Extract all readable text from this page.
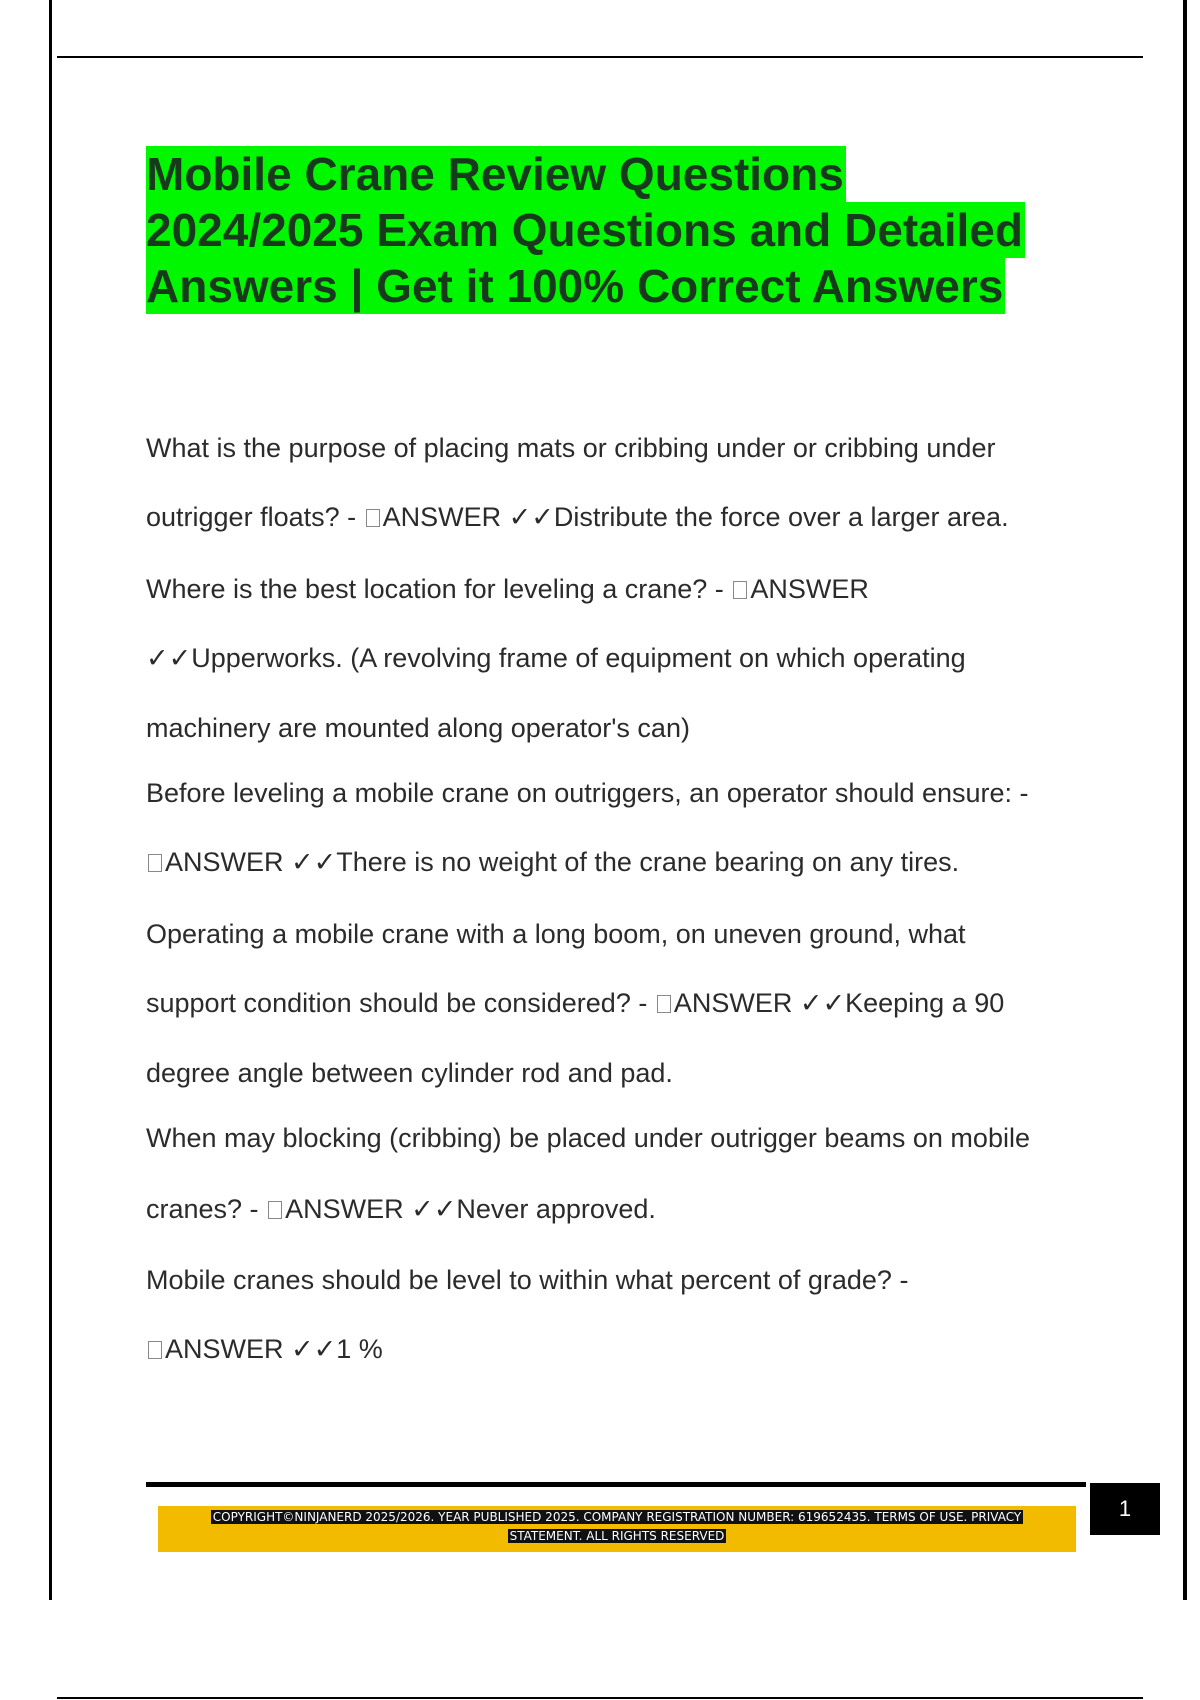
Mobile Crane Review Questions
2024/2025 Exam Questions and Detailed
Answers | Get it 100% Correct Answers
What is the purpose of placing mats or cribbing under or cribbing under
outrigger floats? - ANSWER ✓✓Distribute the force over a larger area.
Where is the best location for leveling a crane? - ANSWER
✓✓Upperworks. (A revolving frame of equipment on which operating
machinery are mounted along operator's can)
Before leveling a mobile crane on outriggers, an operator should ensure: -
ANSWER ✓✓There is no weight of the crane bearing on any tires.
Operating a mobile crane with a long boom, on uneven ground, what
support condition should be considered? - ANSWER ✓✓Keeping a 90
degree angle between cylinder rod and pad.
When may blocking (cribbing) be placed under outrigger beams on mobile
cranes? - ANSWER ✓✓Never approved.
Mobile cranes should be level to within what percent of grade? -
ANSWER ✓✓1 %
COPYRIGHT©NINJANERD 2025/2026. YEAR PUBLISHED 2025. COMPANY REGISTRATION NUMBER: 619652435. TERMS OF USE. PRIVACY
STATEMENT. ALL RIGHTS RESERVED
1
